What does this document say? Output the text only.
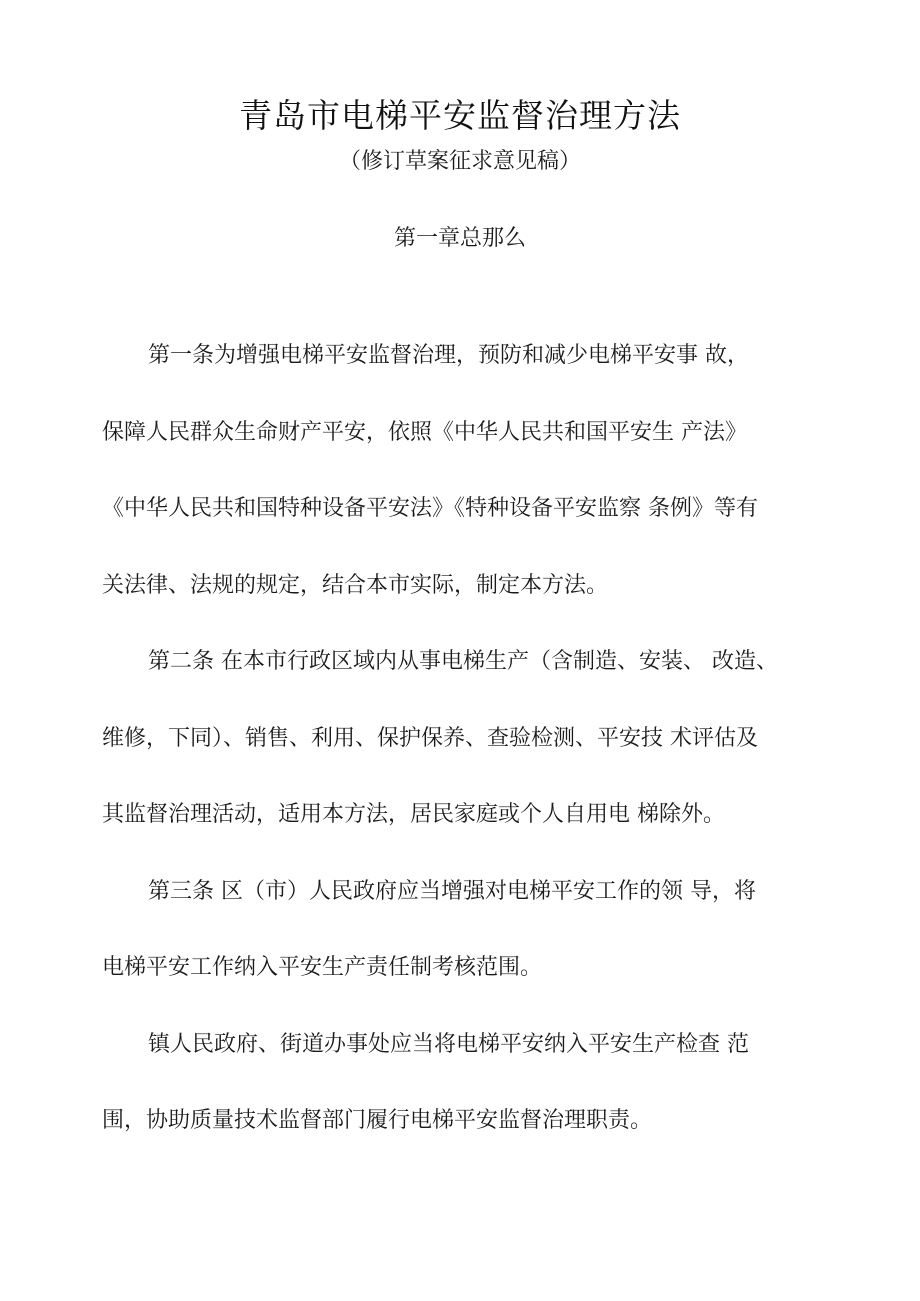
青岛市电梯平安监督治理方法
（修订草案征求意见稿）
第一章总那么
第一条为增强电梯平安监督治理，预防和减少电梯平安事 故，
保障人民群众生命财产平安，依照《中华人民共和国平安生 产法》
《中华人民共和国特种设备平安法》《特种设备平安监察 条例》等有
关法律、法规的规定，结合本市实际，制定本方法。
第二条 在本市行政区域内从事电梯生产（含制造、安装、 改造、
维修，下同）、销售、利用、保护保养、查验检测、平安技 术评估及
其监督治理活动，适用本方法，居民家庭或个人自用电 梯除外。
第三条 区（市）人民政府应当增强对电梯平安工作的领 导，将
电梯平安工作纳入平安生产责任制考核范围。
镇人民政府、街道办事处应当将电梯平安纳入平安生产检查 范
围，协助质量技术监督部门履行电梯平安监督治理职责。
